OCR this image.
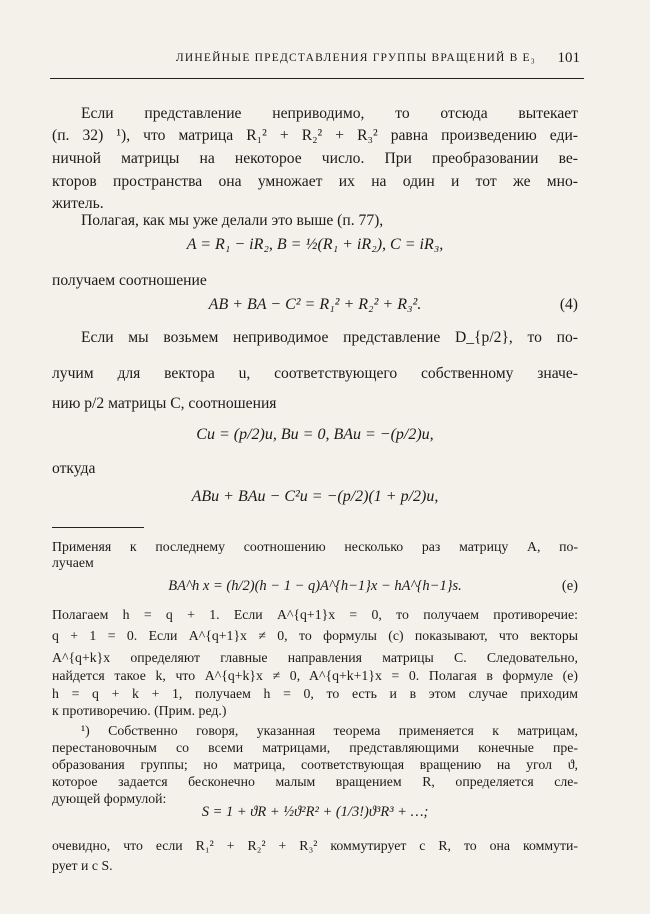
ЛИНЕЙНЫЕ ПРЕДСТАВЛЕНИЯ ГРУППЫ ВРАЩЕНИЙ В E₃	101
Если представление неприводимо, то отсюда вытекает
(п. 32) ¹), что матрица R₁² + R₂² + R₃² равна произведению еди-
ничной матрицы на некоторое число. При преобразовании ве-
кторов пространства она умножает их на один и тот же мно-
житель.
Полагая, как мы уже делали это выше (п. 77),
A = R₁ − iR₂, B = ½(R₁ + iR₂), C = iR₃,
получаем соотношение
AB + BA − C² = R₁² + R₂² + R₃².	(4)
Если мы возьмем неприводимое представление D_{p/2}, то по-
лучим для вектора u, соответствующего собственному значе-
нию p/2 матрицы C, соотношения
Cu = (p/2)u, Bu = 0, BAu = −(p/2)u,
откуда
ABu + BAu − C²u = −(p/2)(1 + p/2)u,
Применяя к последнему соотношению несколько раз матрицу A, по-
лучаем
BA^h x = (h/2)(h − 1 − q)A^{h−1}x − hA^{h−1}s.	(e)
Полагаем h = q + 1. Если A^{q+1}x = 0, то получаем противоречие:
q + 1 = 0. Если A^{q+1}x ≠ 0, то формулы (c) показывают, что векторы
A^{q+k}x определяют главные направления матрицы C. Следовательно,
найдется такое k, что A^{q+k}x ≠ 0, A^{q+k+1}x = 0. Полагая в формуле (e)
h = q + k + 1, получаем h = 0, то есть и в этом случае приходим
к противоречию. (Прим. ред.)
¹) Собственно говоря, указанная теорема применяется к матрицам,
перестановочным со всеми матрицами, представляющими конечные пре-
образования группы; но матрица, соответствующая вращению на угол ϑ,
которое задается бесконечно малым вращением R, определяется сле-
дующей формулой:
S = 1 + ϑR + ½ϑ²R² + (1/3!)ϑ³R³ + …;
очевидно, что если R₁² + R₂² + R₃² коммутирует с R, то она коммути-
рует и с S.
